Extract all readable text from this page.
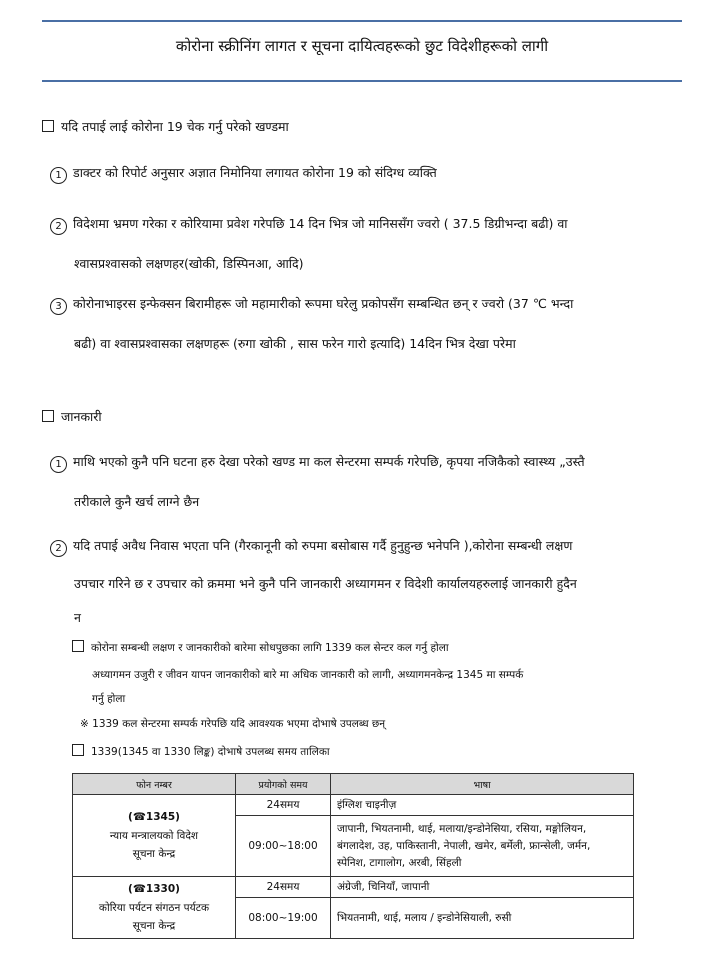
कोरोना स्क्रीनिंग लागत र सूचना दायित्वहरूको छुट विदेशीहरूको लागी
यदि तपाई लाई कोरोना 19 चेक गर्नु परेको खण्डमा
1 डाक्टर को रिपोर्ट अनुसार अज्ञात निमोनिया लगायत कोरोना 19 को संदिग्ध व्यक्ति
2 विदेशमा भ्रमण गरेका र कोरियामा प्रवेश गरेपछि 14 दिन भित्र जो मानिससँग ज्वरो ( 37.5 डिग्रीभन्दा बढी) वा
श्वासप्रश्वासको लक्षणहर(खोकी, डिस्पिनआ, आदि)
3 कोरोनाभाइरस इन्फेक्सन बिरामीहरू जो महामारीको रूपमा घरेलु प्रकोपसँग सम्बन्धित छन् र ज्वरो (37 ℃ भन्दा
बढी) वा श्वासप्रश्वासका लक्षणहरू (रुगा खोकी , सास फरेन गारो इत्यादि) 14दिन भित्र देखा परेमा
जानकारी
1 माथि भएको कुनै पनि घटना हरु देखा परेको खण्ड मा कल सेन्टरमा सम्पर्क गरेपछि, कृपया नजिकैको स्वास्थ्य „उस्तै
तरीकाले कुनै खर्च लाग्ने छैन
2 यदि तपाई अवैध निवास भएता पनि (गैरकानूनी को रुपमा बसोबास गर्दै हुनुहुन्छ भनेपनि ),कोरोना सम्बन्धी लक्षण
उपचार गरिने छ र उपचार को क्रममा भने कुनै पनि जानकारी अध्यागमन र विदेशी कार्यालयहरुलाई जानकारी हुदैन
न
कोरोना सम्बन्धी लक्षण र जानकारीको बारेमा सोधपुछका लागि 1339 कल सेन्टर कल गर्नु होला
अध्यागमन उजुरी र जीवन यापन जानकारीको बारे मा अधिक जानकारी को लागी, अध्यागमनकेन्द्र 1345 मा सम्पर्क
गर्नु होला
※ 1339 कल सेन्टरमा सम्पर्क गरेपछि यदि आवश्यक भएमा दोभाषे उपलब्ध छन्
1339(1345 वा 1330 लिङ्क) दोभाषे उपलब्ध समय तालिका
फोन नम्बर	प्रयोगको समय	भाषा

(☎1345)
न्याय मन्त्रालयको विदेश
सूचना केन्द्र	24समय	इंग्लिश चाइनीज़

	09:00~18:00	जापानी, भियतनामी, थाई, मलाया/इन्डोनेसिया, रसिया, मङ्गोलियन,
बंगलादेश, उह, पाकिस्तानी, नेपाली, खमेर, बर्मेली, फ्रान्सेली, जर्मन,
स्पेनिश, टागालोग, अरबी, सिंहली

(☎1330)
कोरिया पर्यटन संगठन पर्यटक
सूचना केन्द्र	24समय	अंग्रेजी, चिनियाँ, जापानी

	08:00~19:00	भियतनामी, थाई, मलाय / इन्डोनेसियाली, रुसी
